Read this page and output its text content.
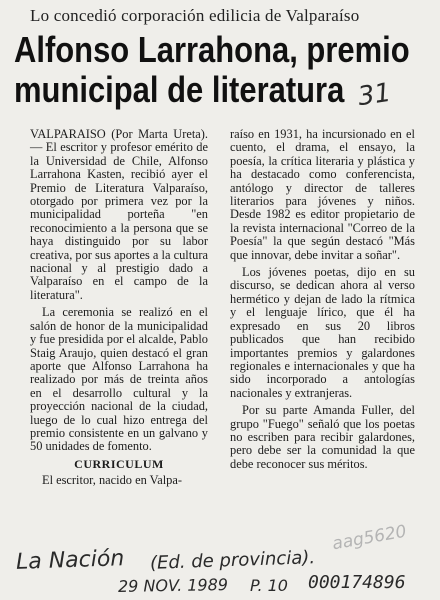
Lo concedió corporación edilicia de Valparaíso
Alfonso Larrahona, premio
municipal de literatura 31

VALPARAISO (Por Marta Ureta).— El escritor y profesor emérito de la Universidad de Chile, Alfonso Larrahona Kasten, recibió ayer el Premio de Literatura Valparaíso, otorgado por primera vez por la municipalidad porteña "en reconocimiento a la persona que se haya distinguido por su labor creativa, por sus aportes a la cultura nacional y al prestigio dado a Valparaíso en el campo de la literatura".

La ceremonia se realizó en el salón de honor de la municipalidad y fue presidida por el alcalde, Pablo Staig Araujo, quien destacó el gran aporte que Alfonso Larrahona ha realizado por más de treinta años en el desarrollo cultural y la proyección nacional de la ciudad, luego de lo cual hizo entrega del premio consistente en un galvano y 50 unidades de fomento.

CURRICULUM

El escritor, nacido en Valpa-

raíso en 1931, ha incursionado en el cuento, el drama, el ensayo, la poesía, la crítica literaria y plástica y ha destacado como conferencista, antólogo y director de talleres literarios para jóvenes y niños. Desde 1982 es editor propietario de la revista internacional "Correo de la Poesía" la que según destacó "Más que innovar, debe invitar a soñar".

Los jóvenes poetas, dijo en su discurso, se dedican ahora al verso hermético y dejan de lado la rítmica y el lenguaje lírico, que él ha expresado en sus 20 libros publicados que han recibido importantes premios y galardones regionales e internacionales y que ha sido incorporado a antologías nacionales y extranjeras.

Por su parte Amanda Fuller, del grupo "Fuego" señaló que los poetas no escriben para recibir galardones, pero debe ser la comunidad la que debe reconocer sus méritos.

aag5620
La Nación (Ed. de provincia).
29 NOV. 1989 P. 10 000174896
